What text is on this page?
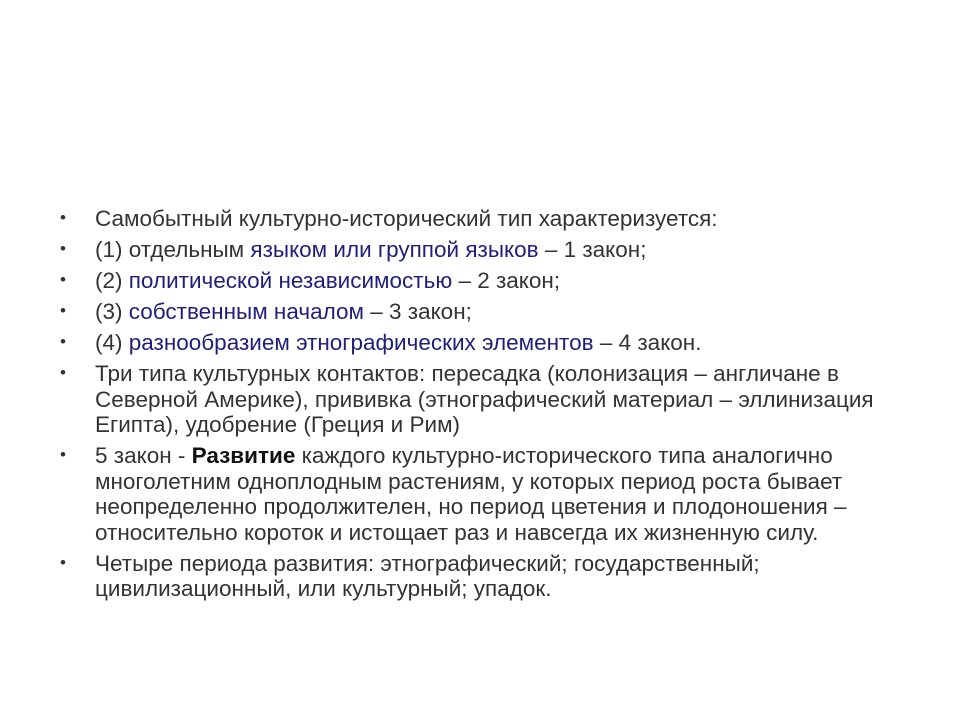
• Самобытный культурно-исторический тип характеризуется:
• (1) отдельным языком или группой языков – 1 закон;
• (2) политической независимостью – 2 закон;
• (3) собственным началом – 3 закон;
• (4) разнообразием этнографических элементов – 4 закон.
• Три типа культурных контактов: пересадка (колонизация – англичане в Северной Америке), прививка (этнографический материал – эллинизация Египта), удобрение (Греция и Рим)
• 5 закон - Развитие каждого культурно-исторического типа аналогично многолетним одноплодным растениям, у которых период роста бывает неопределенно продолжителен, но период цветения и плодоношения – относительно короток и истощает раз и навсегда их жизненную силу.
• Четыре периода развития: этнографический; государственный; цивилизационный, или культурный; упадок.
